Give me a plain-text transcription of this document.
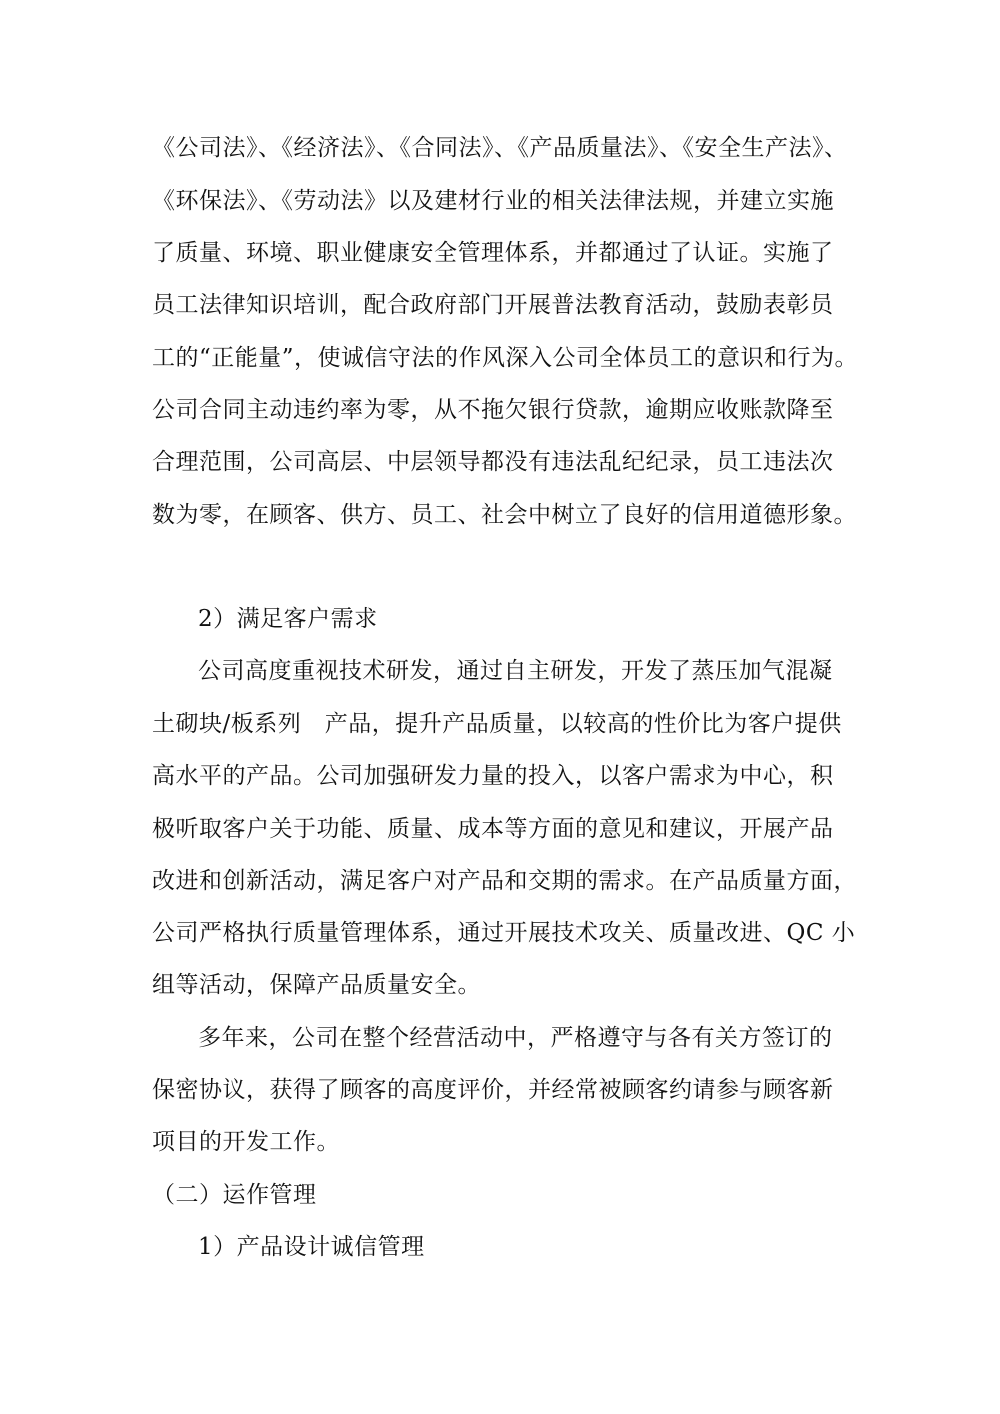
《公司法》、《经济法》、《合同法》、《产品质量法》、《安全生产法》、
《环保法》、《劳动法》以及建材行业的相关法律法规，并建立实施
了质量、环境、职业健康安全管理体系，并都通过了认证。实施了
员工法律知识培训，配合政府部门开展普法教育活动，鼓励表彰员
工的“正能量”，使诚信守法的作风深入公司全体员工的意识和行为。
公司合同主动违约率为零，从不拖欠银行贷款，逾期应收账款降至
合理范围，公司高层、中层领导都没有违法乱纪纪录，员工违法次
数为零，在顾客、供方、员工、社会中树立了良好的信用道德形象。
2）满足客户需求
公司高度重视技术研发，通过自主研发，开发了蒸压加气混凝
土砌块/板系列　产品，提升产品质量，以较高的性价比为客户提供
高水平的产品。公司加强研发力量的投入，以客户需求为中心，积
极听取客户关于功能、质量、成本等方面的意见和建议，开展产品
改进和创新活动，满足客户对产品和交期的需求。在产品质量方面，
公司严格执行质量管理体系，通过开展技术攻关、质量改进、QC 小
组等活动，保障产品质量安全。
多年来，公司在整个经营活动中，严格遵守与各有关方签订的
保密协议，获得了顾客的高度评价，并经常被顾客约请参与顾客新
项目的开发工作。
（二）运作管理
1）产品设计诚信管理
